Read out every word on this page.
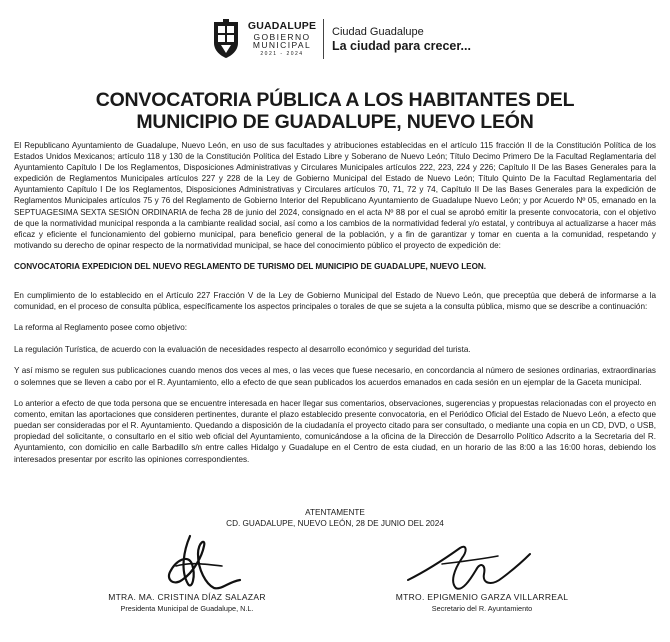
GUADALUPE
GOBIERNO
MUNICIPAL
2021 - 2024
Ciudad Guadalupe
La ciudad para crecer...
CONVOCATORIA PÚBLICA A LOS HABITANTES DEL
MUNICIPIO DE GUADALUPE, NUEVO LEÓN

El Republicano Ayuntamiento de Guadalupe, Nuevo León, en uso de sus facultades y atribuciones establecidas en el artículo 115 fracción II de la Constitución Política de los Estados Unidos Mexicanos; artículo 118 y 130 de la Constitución Política del Estado Libre y Soberano de Nuevo León; Título Decimo Primero De la Facultad Reglamentaria del Ayuntamiento Capítulo I De los Reglamentos, Disposiciones Administrativas y Circulares Municipales artículos 222, 223, 224 y 226; Capítulo II De las Bases Generales para la expedición de Reglamentos Municipales artículos 227 y 228 de la Ley de Gobierno Municipal del Estado de Nuevo León; Título Quinto De la Facultad Reglamentaria del Ayuntamiento Capítulo I De los Reglamentos, Disposiciones Administrativas y Circulares artículos 70, 71, 72 y 74, Capítulo II De las Bases Generales para la expedición de Reglamentos Municipales artículos 75 y 76 del Reglamento de Gobierno Interior del Republicano Ayuntamiento de Guadalupe Nuevo León; y por Acuerdo Nº 05, emanado en la SEPTUAGESIMA SEXTA SESIÓN ORDINARIA de fecha 28 de junio del 2024, consignado en el acta Nº 88 por el cual se aprobó emitir la presente convocatoria, con el objetivo de que la normatividad municipal responda a la cambiante realidad social, así como a los cambios de la normatividad federal y/o estatal, y contribuya al actualizarse a hacer más eficaz y eficiente el funcionamiento del gobierno municipal, para beneficio general de la población, y a fin de garantizar y tomar en cuenta a la comunidad, respetando y motivando su derecho de opinar respecto de la normatividad municipal, se hace del conocimiento público el proyecto de expedición de:

CONVOCATORIA EXPEDICION DEL NUEVO REGLAMENTO DE TURISMO DEL MUNICIPIO DE GUADALUPE, NUEVO LEON.

En cumplimiento de lo establecido en el Artículo 227 Fracción V de la Ley de Gobierno Municipal del Estado de Nuevo León, que preceptúa que deberá de informarse a la comunidad, en el proceso de consulta pública, específicamente los aspectos principales o torales de que se sujeta a la consulta pública, mismo que se describe a continuación:

La reforma al Reglamento posee como objetivo:

La regulación Turística, de acuerdo con la evaluación de necesidades respecto al desarrollo económico y seguridad del turista.

Y así mismo se regulen sus publicaciones cuando menos dos veces al mes, o las veces que fuese necesario, en concordancia al número de sesiones ordinarias, extraordinarias o solemnes que se lleven a cabo por el R. Ayuntamiento, ello a efecto de que sean publicados los acuerdos emanados en cada sesión en un ejemplar de la Gaceta municipal.

Lo anterior a efecto de que toda persona que se encuentre interesada en hacer llegar sus comentarios, observaciones, sugerencias y propuestas relacionadas con el proyecto en comento, emitan las aportaciones que consideren pertinentes, durante el plazo establecido presente convocatoria, en el Periódico Oficial del Estado de Nuevo León, a efecto que puedan ser consideradas por el R. Ayuntamiento. Quedando a disposición de la ciudadanía el proyecto citado para ser consultado, o mediante una copia en un CD, DVD, o USB, propiedad del solicitante, o consultarlo en el sitio web oficial del Ayuntamiento, comunicándose a la oficina de la Dirección de Desarrollo Político Adscrito a la Secretaria del R. Ayuntamiento, con domicilio en calle Barbadillo s/n entre calles Hidalgo y Guadalupe en el Centro de esta ciudad, en un horario de las 8:00 a las 16:00 horas, debiendo los interesados presentar por escrito las opiniones correspondientes.

ATENTAMENTE
CD. GUADALUPE, NUEVO LEÓN, 28 DE JUNIO DEL 2024
MTRA. MA. CRISTINA DÍAZ SALAZAR
Presidenta Municipal de Guadalupe, N.L.
MTRO. EPIGMENIO GARZA VILLARREAL
Secretario del R. Ayuntamiento
